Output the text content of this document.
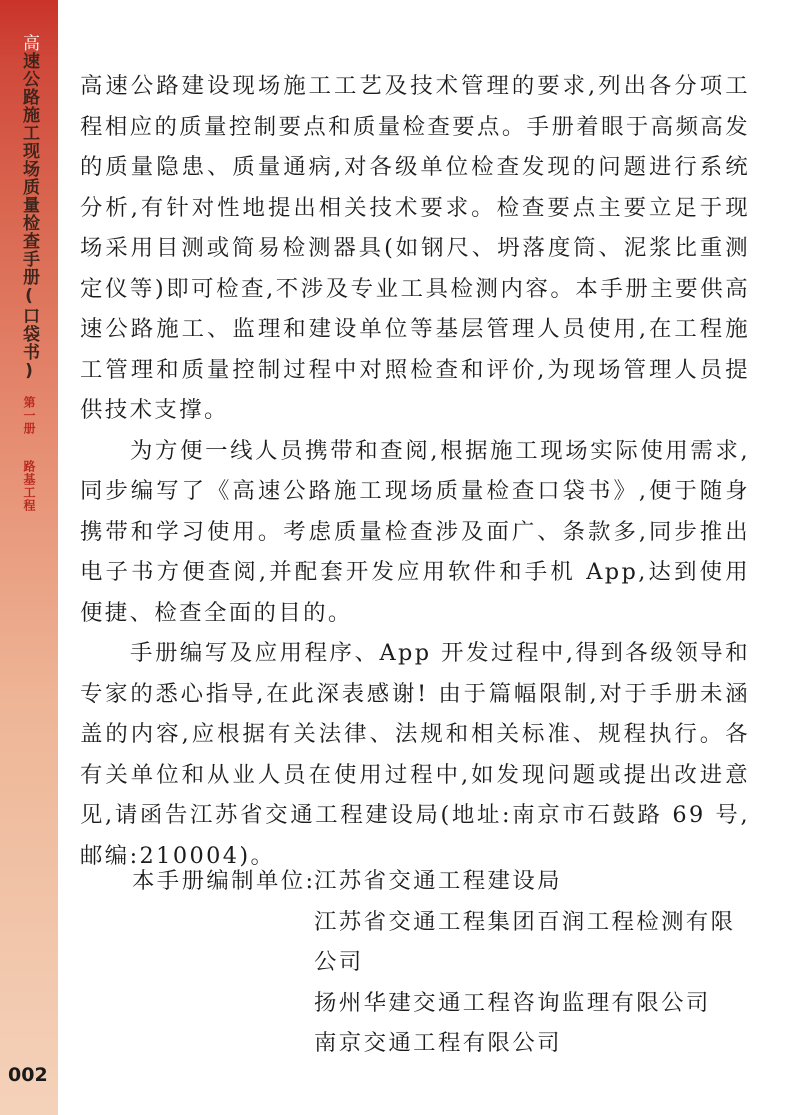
高速公路施工现场质量检查手册(口袋书)
第一册
路基工程

高速公路建设现场施工工艺及技术管理的要求,列出各分项工程相应的质量控制要点和质量检查要点。手册着眼于高频高发的质量隐患、质量通病,对各级单位检查发现的问题进行系统分析,有针对性地提出相关技术要求。检查要点主要立足于现场采用目测或简易检测器具(如钢尺、坍落度筒、泥浆比重测定仪等)即可检查,不涉及专业工具检测内容。本手册主要供高速公路施工、监理和建设单位等基层管理人员使用,在工程施工管理和质量控制过程中对照检查和评价,为现场管理人员提供技术支撑。

为方便一线人员携带和查阅,根据施工现场实际使用需求,同步编写了《高速公路施工现场质量检查口袋书》,便于随身携带和学习使用。考虑质量检查涉及面广、条款多,同步推出电子书方便查阅,并配套开发应用软件和手机 App,达到使用便捷、检查全面的目的。

手册编写及应用程序、App 开发过程中,得到各级领导和专家的悉心指导,在此深表感谢! 由于篇幅限制,对于手册未涵盖的内容,应根据有关法律、法规和相关标准、规程执行。各有关单位和从业人员在使用过程中,如发现问题或提出改进意见,请函告江苏省交通工程建设局(地址:南京市石鼓路 69 号,邮编:210004)。

本手册编制单位:
江苏省交通工程建设局
江苏省交通工程集团百润工程检测有限公司
扬州华建交通工程咨询监理有限公司
南京交通工程有限公司
002
